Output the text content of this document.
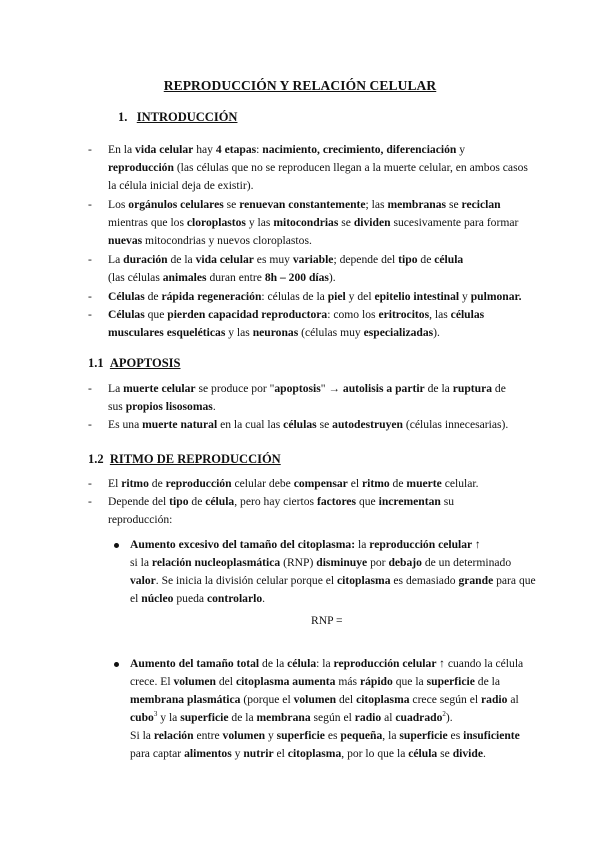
REPRODUCCIÓN Y RELACIÓN CELULAR
1. INTRODUCCIÓN
- En la vida celular hay 4 etapas: nacimiento, crecimiento, diferenciación y
reproducción (las células que no se reproducen llegan a la muerte celular, en ambos casos
la célula inicial deja de existir).
- Los orgánulos celulares se renuevan constantemente; las membranas se reciclan
mientras que los cloroplastos y las mitocondrias se dividen sucesivamente para formar
nuevas mitocondrias y nuevos cloroplastos.
- La duración de la vida celular es muy variable; depende del tipo de célula
(las células animales duran entre 8h – 200 días).
- Células de rápida regeneración: células de la piel y del epitelio intestinal y pulmonar.
- Células que pierden capacidad reproductora: como los eritrocitos, las células
musculares esqueléticas y las neuronas (células muy especializadas).
1.1 APOPTOSIS
- La muerte celular se produce por "apoptosis" → autolisis a partir de la ruptura de
sus propios lisosomas.
- Es una muerte natural en la cual las células se autodestruyen (células innecesarias).
1.2 RITMO DE REPRODUCCIÓN
- El ritmo de reproducción celular debe compensar el ritmo de muerte celular.
- Depende del tipo de célula, pero hay ciertos factores que incrementan su
reproducción:
Aumento excesivo del tamaño del citoplasma: la reproducción celular ↑
si la relación nucleoplasmática (RNP) disminuye por debajo de un determinado
valor. Se inicia la división celular porque el citoplasma es demasiado grande para que
el núcleo pueda controlarlo.
RNP =
Aumento del tamaño total de la célula: la reproducción celular ↑ cuando la célula
crece. El volumen del citoplasma aumenta más rápido que la superficie de la
membrana plasmática (porque el volumen del citoplasma crece según el radio al
cubo$^3$ y la superficie de la membrana según el radio al cuadrado$^2$).
Si la relación entre volumen y superficie es pequeña, la superficie es insuficiente
para captar alimentos y nutrir el citoplasma, por lo que la célula se divide.
